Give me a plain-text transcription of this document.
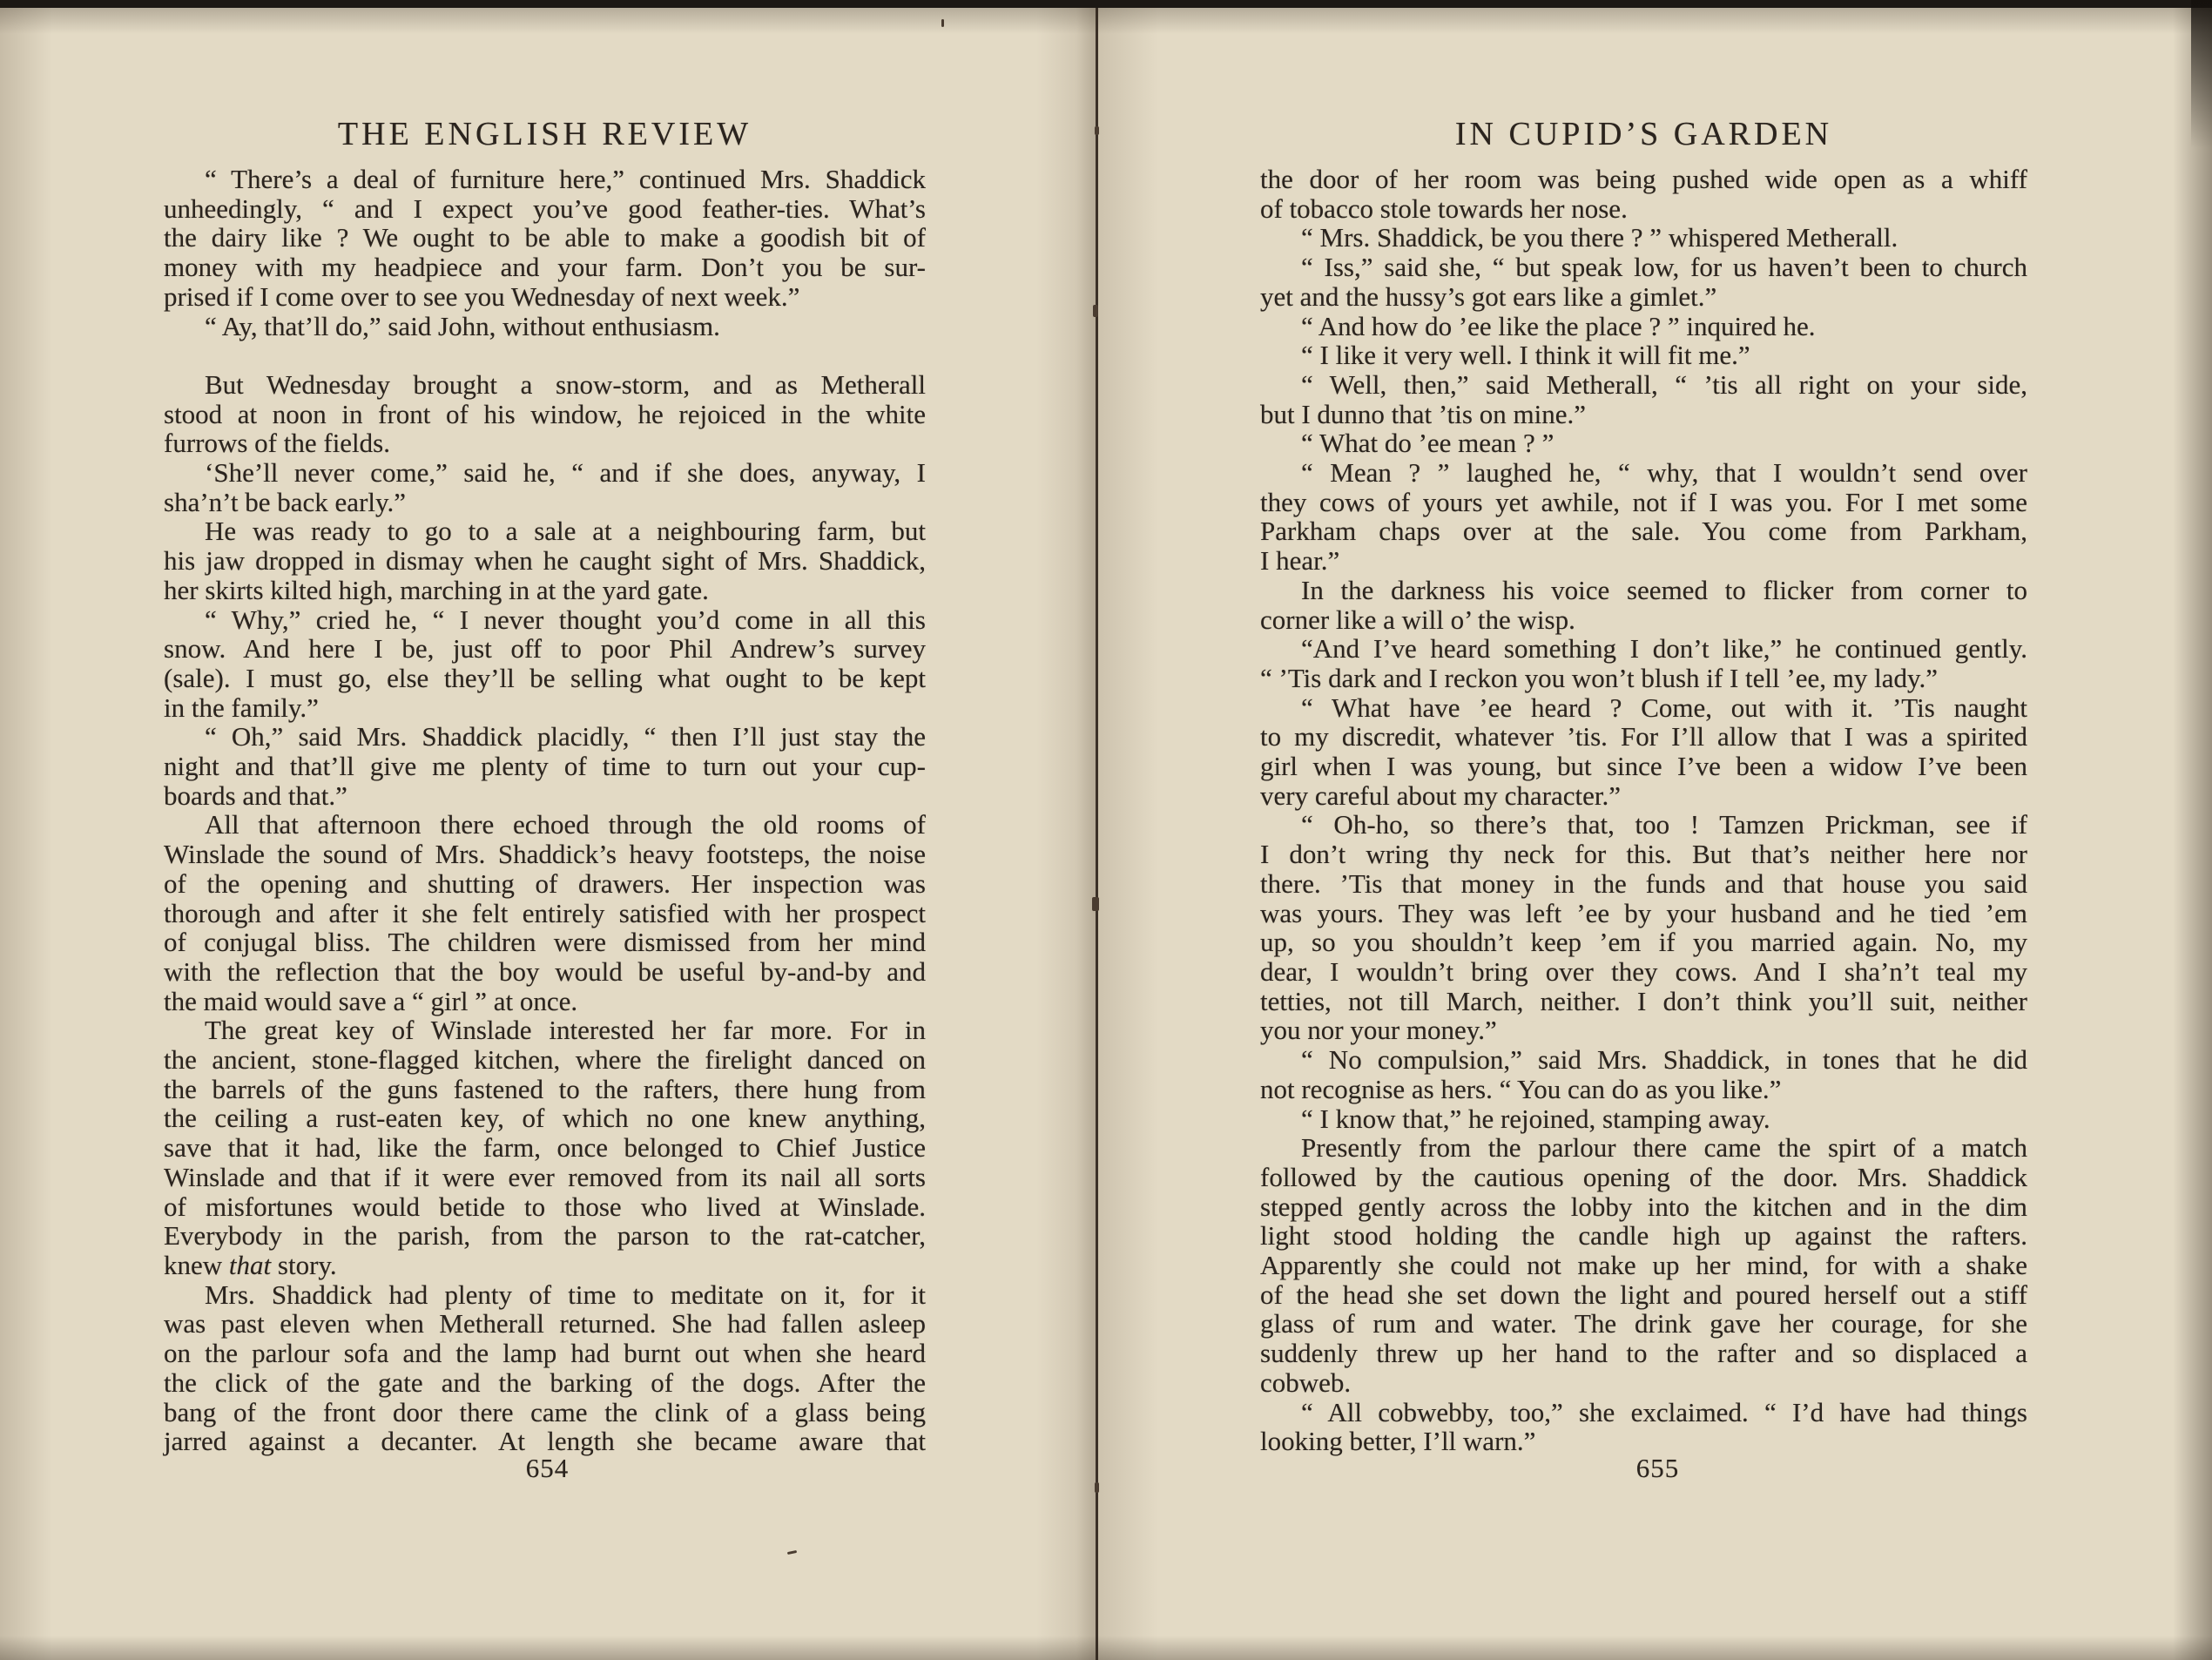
THE ENGLISH REVIEW
“ There’s a deal of furniture here,” continued Mrs. Shaddick
unheedingly, “ and I expect you’ve good feather-ties. What’s
the dairy like ? We ought to be able to make a goodish bit of
money with my headpiece and your farm. Don’t you be sur-
prised if I come over to see you Wednesday of next week.”
“ Ay, that’ll do,” said John, without enthusiasm.
But Wednesday brought a snow-storm, and as Metherall
stood at noon in front of his window, he rejoiced in the white
furrows of the fields.
‘She’ll never come,” said he, “ and if she does, anyway, I
sha’n’t be back early.”
He was ready to go to a sale at a neighbouring farm, but
his jaw dropped in dismay when he caught sight of Mrs. Shaddick,
her skirts kilted high, marching in at the yard gate.
“ Why,” cried he, “ I never thought you’d come in all this
snow. And here I be, just off to poor Phil Andrew’s survey
(sale). I must go, else they’ll be selling what ought to be kept
in the family.”
“ Oh,” said Mrs. Shaddick placidly, “ then I’ll just stay the
night and that’ll give me plenty of time to turn out your cup-
boards and that.”
All that afternoon there echoed through the old rooms of
Winslade the sound of Mrs. Shaddick’s heavy footsteps, the noise
of the opening and shutting of drawers. Her inspection was
thorough and after it she felt entirely satisfied with her prospect
of conjugal bliss. The children were dismissed from her mind
with the reflection that the boy would be useful by-and-by and
the maid would save a “ girl ” at once.
The great key of Winslade interested her far more. For in
the ancient, stone-flagged kitchen, where the firelight danced on
the barrels of the guns fastened to the rafters, there hung from
the ceiling a rust-eaten key, of which no one knew anything,
save that it had, like the farm, once belonged to Chief Justice
Winslade and that if it were ever removed from its nail all sorts
of misfortunes would betide to those who lived at Winslade.
Everybody in the parish, from the parson to the rat-catcher,
knew that story.
Mrs. Shaddick had plenty of time to meditate on it, for it
was past eleven when Metherall returned. She had fallen asleep
on the parlour sofa and the lamp had burnt out when she heard
the click of the gate and the barking of the dogs. After the
bang of the front door there came the clink of a glass being
jarred against a decanter. At length she became aware that
654
IN CUPID’S GARDEN
the door of her room was being pushed wide open as a whiff
of tobacco stole towards her nose.
“ Mrs. Shaddick, be you there ? ” whispered Metherall.
“ Iss,” said she, “ but speak low, for us haven’t been to church
yet and the hussy’s got ears like a gimlet.”
“ And how do ’ee like the place ? ” inquired he.
“ I like it very well. I think it will fit me.”
“ Well, then,” said Metherall, “ ’tis all right on your side,
but I dunno that ’tis on mine.”
“ What do ’ee mean ? ”
“ Mean ? ” laughed he, “ why, that I wouldn’t send over
they cows of yours yet awhile, not if I was you. For I met some
Parkham chaps over at the sale. You come from Parkham,
I hear.”
In the darkness his voice seemed to flicker from corner to
corner like a will o’ the wisp.
“And I’ve heard something I don’t like,” he continued gently.
“ ’Tis dark and I reckon you won’t blush if I tell ’ee, my lady.”
“ What have ’ee heard ? Come, out with it. ’Tis naught
to my discredit, whatever ’tis. For I’ll allow that I was a spirited
girl when I was young, but since I’ve been a widow I’ve been
very careful about my character.”
“ Oh-ho, so there’s that, too ! Tamzen Prickman, see if
I don’t wring thy neck for this. But that’s neither here nor
there. ’Tis that money in the funds and that house you said
was yours. They was left ’ee by your husband and he tied ’em
up, so you shouldn’t keep ’em if you married again. No, my
dear, I wouldn’t bring over they cows. And I sha’n’t teal my
tetties, not till March, neither. I don’t think you’ll suit, neither
you nor your money.”
“ No compulsion,” said Mrs. Shaddick, in tones that he did
not recognise as hers. “ You can do as you like.”
“ I know that,” he rejoined, stamping away.
Presently from the parlour there came the spirt of a match
followed by the cautious opening of the door. Mrs. Shaddick
stepped gently across the lobby into the kitchen and in the dim
light stood holding the candle high up against the rafters.
Apparently she could not make up her mind, for with a shake
of the head she set down the light and poured herself out a stiff
glass of rum and water. The drink gave her courage, for she
suddenly threw up her hand to the rafter and so displaced a
cobweb.
“ All cobwebby, too,” she exclaimed. “ I’d have had things
looking better, I’ll warn.”
655
